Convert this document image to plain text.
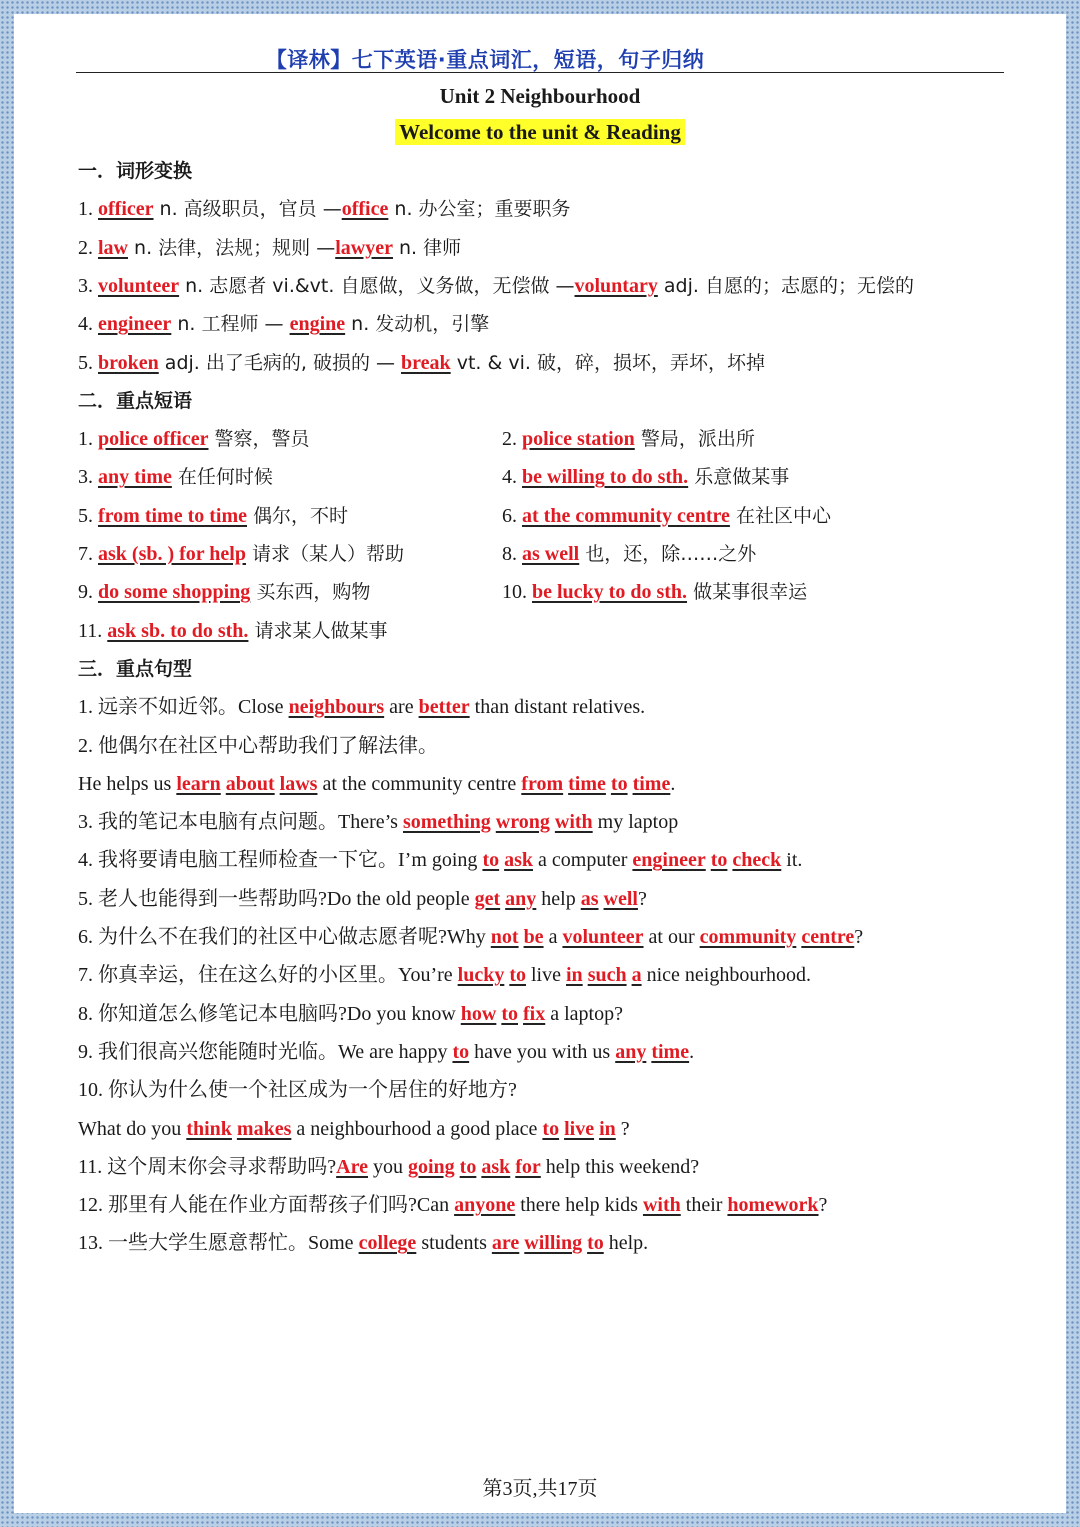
【译林】七下英语·重点词汇，短语，句子归纳
Unit 2 Neighbourhood
Welcome to the unit & Reading
一．词形变换
1. officer n. 高级职员，官员 —office n. 办公室；重要职务
2. law n. 法律，法规；规则 —lawyer n. 律师
3. volunteer n. 志愿者 vi.&vt. 自愿做，义务做，无偿做 —voluntary adj. 自愿的；志愿的；无偿的
4. engineer n. 工程师 — engine n. 发动机，引擎
5. broken adj. 出了毛病的, 破损的 — break vt. & vi. 破，碎，损坏，弄坏，坏掉
二．重点短语
1. police officer 警察，警员	2. police station 警局，派出所
3. any time 在任何时候	4. be willing to do sth. 乐意做某事
5. from time to time 偶尔，不时	6. at the community centre 在社区中心
7. ask (sb. ) for help 请求（某人）帮助	8. as well 也，还，除……之外
9. do some shopping 买东西，购物	10. be lucky to do sth. 做某事很幸运
11. ask sb. to do sth. 请求某人做某事
三．重点句型
1. 远亲不如近邻。Close neighbours are better than distant relatives.
2. 他偶尔在社区中心帮助我们了解法律。
He helps us learn about laws at the community centre from time to time.
3. 我的笔记本电脑有点问题。There’s something wrong with my laptop
4. 我将要请电脑工程师检查一下它。I’m going to ask a computer engineer to check it.
5. 老人也能得到一些帮助吗?Do the old people get any help as well?
6. 为什么不在我们的社区中心做志愿者呢?Why not be a volunteer at our community centre?
7. 你真幸运，住在这么好的小区里。You’re lucky to live in such a nice neighbourhood.
8. 你知道怎么修笔记本电脑吗?Do you know how to fix a laptop?
9. 我们很高兴您能随时光临。We are happy to have you with us any time.
10. 你认为什么使一个社区成为一个居住的好地方?
What do you think makes a neighbourhood a good place to live in ?
11. 这个周末你会寻求帮助吗?Are you going to ask for help this weekend?
12. 那里有人能在作业方面帮孩子们吗?Can anyone there help kids with their homework?
13. 一些大学生愿意帮忙。Some college students are willing to help.
第3页,共17页
